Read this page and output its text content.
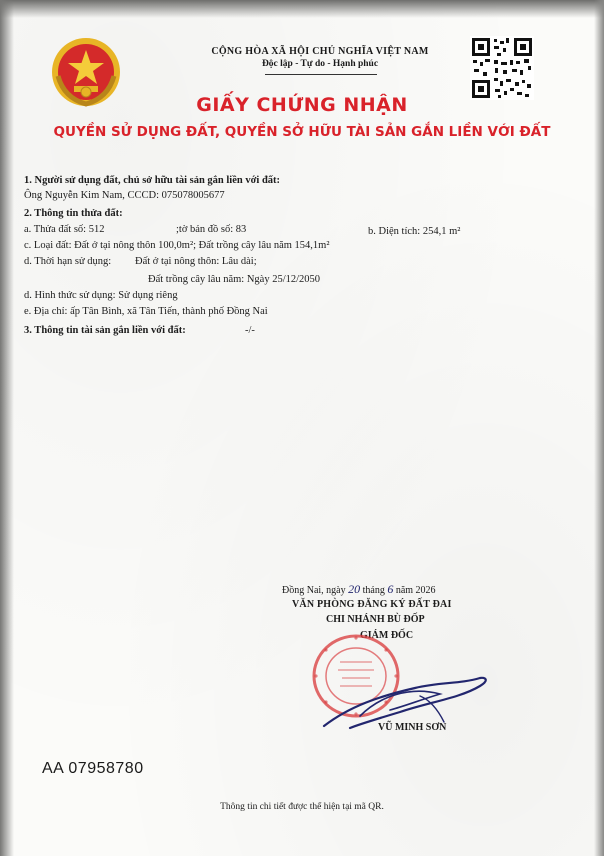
CỘNG HÒA XÃ HỘI CHỦ NGHĨA VIỆT NAM
Độc lập - Tự do - Hạnh phúc
GIẤY CHỨNG NHẬN
QUYỀN SỬ DỤNG ĐẤT, QUYỀN SỞ HỮU TÀI SẢN GẮN LIỀN VỚI ĐẤT
1. Người sử dụng đất, chủ sở hữu tài sản gắn liền với đất:
Ông Nguyễn Kim Nam, CCCD: 075078005677
2. Thông tin thửa đất:
a. Thửa đất số: 512	;tờ bản đồ số: 83	b. Diện tích: 254,1 m²
c. Loại đất: Đất ở tại nông thôn 100,0m²; Đất trồng cây lâu năm 154,1m²
d. Thời hạn sử dụng: Đất ở tại nông thôn: Lâu dài;
Đất trồng cây lâu năm: Ngày 25/12/2050
d. Hình thức sử dụng: Sử dụng riêng
e. Địa chỉ: ấp Tân Bình, xã Tân Tiến, thành phố Đồng Nai
3. Thông tin tài sản gắn liền với đất:	-/-
Đồng Nai, ngày 20 tháng 6 năm 2026
VĂN PHÒNG ĐĂNG KÝ ĐẤT ĐAI
CHI NHÁNH BÙ ĐỐP
GIÁM ĐỐC
VŨ MINH SƠN
AA 07958780
Thông tin chi tiết được thể hiện tại mã QR.
